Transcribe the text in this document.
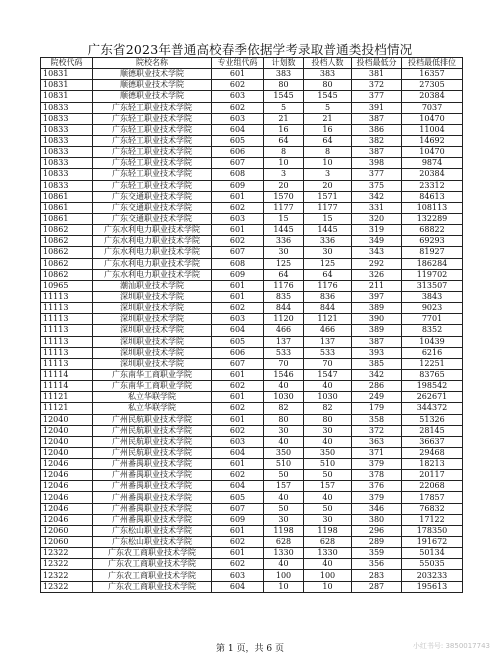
广东省2023年普通高校春季依据学考录取普通类投档情况
院校代码	院校名称	专业组代码	计划数	投档人数	投档最低分	投档最低排位
10831	顺德职业技术学院	601	383	383	381	16357
10831	顺德职业技术学院	602	80	80	372	27305
10831	顺德职业技术学院	603	1545	1545	377	20384
10833	广东轻工职业技术学院	602	5	5	391	7037
10833	广东轻工职业技术学院	603	21	21	387	10470
10833	广东轻工职业技术学院	604	16	16	386	11004
10833	广东轻工职业技术学院	605	64	64	382	14692
10833	广东轻工职业技术学院	606	8	8	387	10470
10833	广东轻工职业技术学院	607	10	10	398	9874
10833	广东轻工职业技术学院	608	3	3	377	20384
10833	广东轻工职业技术学院	609	20	20	375	23312
10861	广东交通职业技术学院	601	1570	1571	342	84613
10861	广东交通职业技术学院	602	1177	1177	331	108113
10861	广东交通职业技术学院	603	15	15	320	132289
10862	广东水利电力职业技术学院	601	1445	1445	319	68822
10862	广东水利电力职业技术学院	602	336	336	349	69293
10862	广东水利电力职业技术学院	607	30	30	343	81927
10862	广东水利电力职业技术学院	608	125	125	292	186284
10862	广东水利电力职业技术学院	609	64	64	326	119702
10965	潮汕职业技术学院	601	1176	1176	211	313507
11113	深圳职业技术学院	601	835	836	397	3843
11113	深圳职业技术学院	602	844	844	389	9023
11113	深圳职业技术学院	603	1120	1121	390	7701
11113	深圳职业技术学院	604	466	466	389	8352
11113	深圳职业技术学院	605	137	137	387	10439
11113	深圳职业技术学院	606	533	533	393	6216
11113	深圳职业技术学院	607	70	70	385	12251
11114	广东南华工商职业学院	601	1546	1547	342	83765
11114	广东南华工商职业学院	602	40	40	286	198542
11121	私立华联学院	601	1030	1030	249	262671
11121	私立华联学院	602	82	82	179	344372
12040	广州民航职业技术学院	601	80	80	358	51326
12040	广州民航职业技术学院	602	30	30	372	28145
12040	广州民航职业技术学院	603	40	40	363	36637
12040	广州民航职业技术学院	604	350	350	371	29468
12046	广州番禺职业技术学院	601	510	510	379	18213
12046	广州番禺职业技术学院	602	50	50	378	20117
12046	广州番禺职业技术学院	604	157	157	376	22068
12046	广州番禺职业技术学院	605	40	40	379	17857
12046	广州番禺职业技术学院	607	50	50	346	76832
12046	广州番禺职业技术学院	609	30	30	380	17122
12060	广东松山职业技术学院	601	1198	1198	296	178350
12060	广东松山职业技术学院	602	628	628	289	191672
12322	广东农工商职业技术学院	601	1330	1330	359	50134
12322	广东农工商职业技术学院	602	40	40	356	55035
12322	广东农工商职业技术学院	603	100	100	283	203233
12322	广东农工商职业技术学院	604	10	10	287	195613
第 1 页，共 6 页	小红书号: 3850017743
